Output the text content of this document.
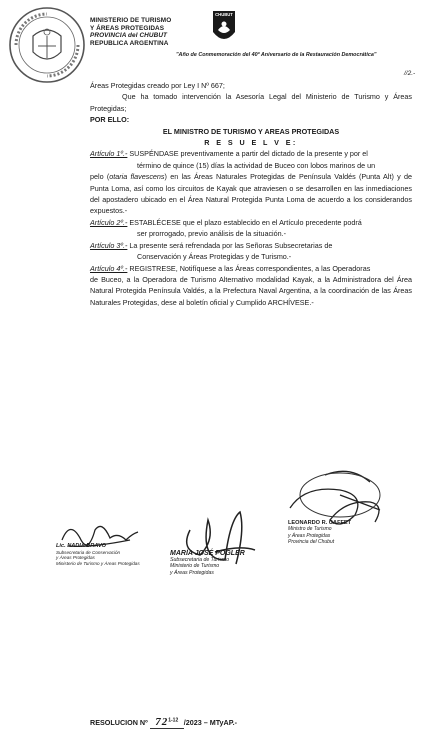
MINISTERIO DE TURISMO
Y ÁREAS PROTEGIDAS
PROVINCIA del CHUBUT
REPUBLICA ARGENTINA
CHUBUT
"Año de Conmemoración del 40º Aniversario de la Restauración Democrática"
//2.-

Áreas Protegidas creado por Ley I Nº 667;

Que ha tomado intervención la Asesoría Legal del Ministerio de Turismo y Áreas Protegidas;

POR ELLO:

EL MINISTRO DE TURISMO Y AREAS PROTEGIDAS

R E S U E L V E:

Artículo 1º.- SUSPÉNDASE preventivamente a partir del dictado de la presente y por el

término de quince (15) días la actividad de Buceo con lobos marinos de un

pelo (otaria flavescens) en las Áreas Naturales Protegidas de Península Valdés (Punta Alt) y de Punta Loma, así como los circuitos de Kayak que atraviesen o se desarrollen en las inmediaciones del apostadero ubicado en el Área Natural Protegida Punta Loma de acuerdo a los considerandos expuestos.-

Artículo 2º.- ESTABLÉCESE que el plazo establecido en el Artículo precedente podrá

ser prorrogado, previo análisis de la situación.-

Artículo 3º.- La presente será refrendada por las Señoras Subsecretarias de

Conservación y Áreas Protegidas y de Turismo.-

Artículo 4º.- REGISTRESE, Notifíquese a las Áreas correspondientes, a las Operadoras

de Buceo, a la Operadora de Turismo Alternativo modalidad Kayak, a la Administradora del Área Natural Protegida Península Valdés, a la Prefectura Naval Argentina, a la coordinación de las Áreas Naturales Protegidas, dese al boletín oficial y Cumplido ARCHÍVESE.-

Lic. NADIA BRAVO
Subsecretaria de Conservación
y Áreas Protegidas
Ministerio de Turismo y Áreas Protegidas
MARÍA JOSÉ POGLER
Subsecretaria de Turismo
Ministerio de Turismo
y Áreas Protegidas
LEONARDO R. GAFFET
Ministro de Turismo
y Áreas Protegidas
Provincia del Chubut
RESOLUCION Nº 72$^{1-12}$ /2023 – MTyAP.-
